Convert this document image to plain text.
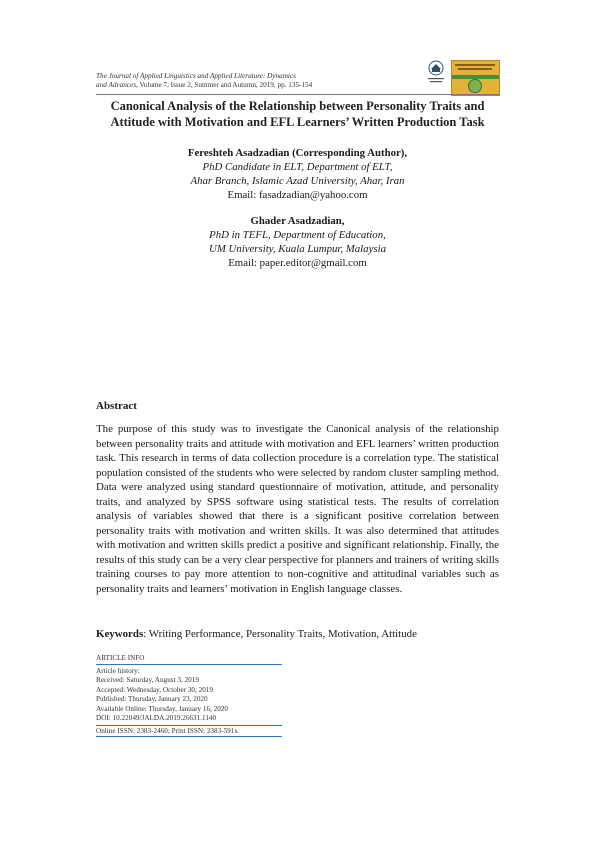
The Journal of Applied Linguistics and Applied Literature: Dynamics
and Advances, Volume 7, Issue 2, Summer and Autumn, 2019, pp. 135-154
Canonical Analysis of the Relationship between Personality Traits and
Attitude with Motivation and EFL Learners’ Written Production Task
Fereshteh Asadzadian (Corresponding Author),
PhD Candidate in ELT, Department of ELT,
Ahar Branch, Islamic Azad University, Ahar, Iran
Email: fasadzadian@yahoo.com
Ghader Asadzadian,
PhD in TEFL, Department of Education,
UM University, Kuala Lumpur, Malaysia
Email: paper.editor@gmail.com
Abstract
The purpose of this study was to investigate the Canonical analysis of the relationship between personality traits and attitude with motivation and EFL learners’ written production task. This research in terms of data collection procedure is a correlation type. The statistical population consisted of the students who were selected by random cluster sampling method. Data were analyzed using standard questionnaire of motivation, attitude, and personality traits, and analyzed by SPSS software using statistical tests. The results of correlation analysis of variables showed that there is a significant positive correlation between personality traits with motivation and written skills. It was also determined that attitudes with motivation and written skills predict a positive and significant relationship. Finally, the results of this study can be a very clear perspective for planners and trainers of writing skills training courses to pay more attention to non-cognitive and attitudinal variables such as personality traits and learners’ motivation in English language classes.
Keywords: Writing Performance, Personality Traits, Motivation, Attitude
ARTICLE INFO
Article history:
Received: Saturday, August 3, 2019
Accepted: Wednesday, October 30, 2019
Published: Thursday, January 23, 2020
Available Online: Thursday, January 16, 2020
DOI: 10.22049/JALDA.2019.26631.1140
Online ISSN: 2383-2460; Print ISSN: 2383-591x
